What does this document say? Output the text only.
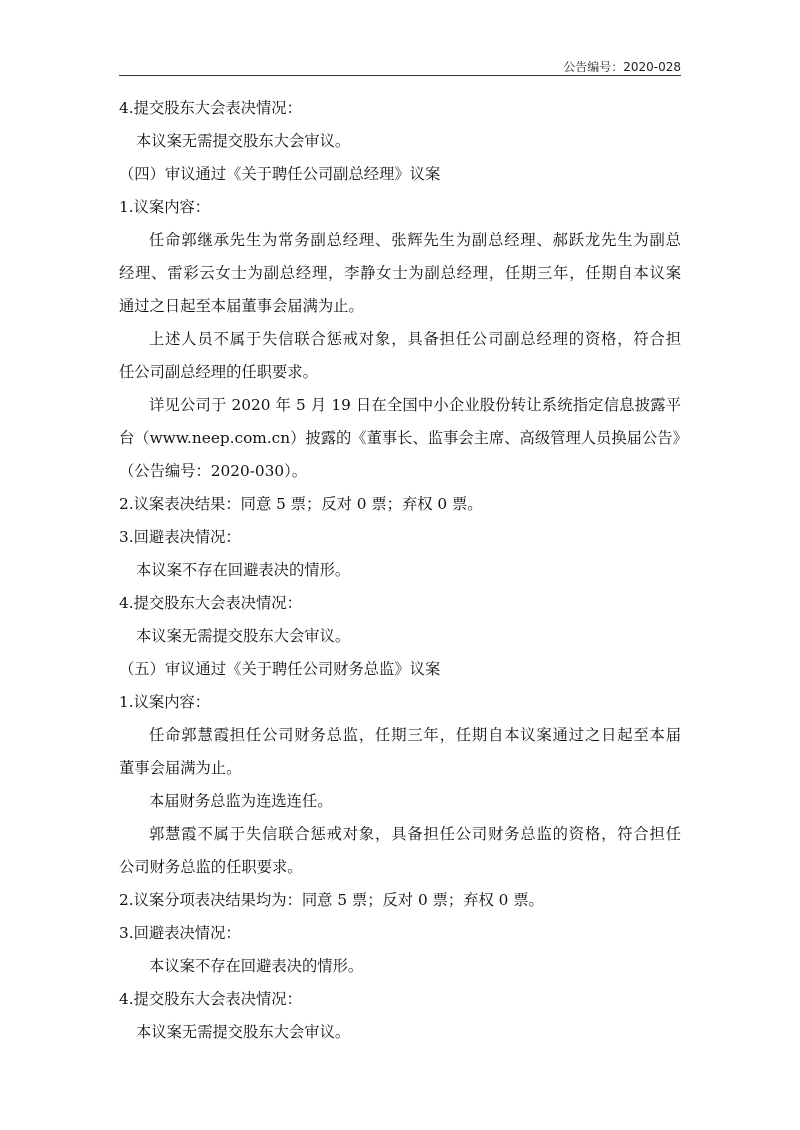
公告编号：2020-028
4.提交股东大会表决情况：
本议案无需提交股东大会审议。
（四）审议通过《关于聘任公司副总经理》议案
1.议案内容：
任命郭继承先生为常务副总经理、张辉先生为副总经理、郝跃龙先生为副总
经理、雷彩云女士为副总经理，李静女士为副总经理，任期三年，任期自本议案
通过之日起至本届董事会届满为止。
上述人员不属于失信联合惩戒对象，具备担任公司副总经理的资格，符合担
任公司副总经理的任职要求。
详见公司于 2020 年 5 月 19 日在全国中小企业股份转让系统指定信息披露平
台（www.neep.com.cn）披露的《董事长、监事会主席、高级管理人员换届公告》
（公告编号：2020-030）。
2.议案表决结果：同意 5 票；反对 0 票；弃权 0 票。
3.回避表决情况：
本议案不存在回避表决的情形。
4.提交股东大会表决情况：
本议案无需提交股东大会审议。
（五）审议通过《关于聘任公司财务总监》议案
1.议案内容：
任命郭慧霞担任公司财务总监，任期三年，任期自本议案通过之日起至本届
董事会届满为止。
本届财务总监为连选连任。
郭慧霞不属于失信联合惩戒对象，具备担任公司财务总监的资格，符合担任
公司财务总监的任职要求。
2.议案分项表决结果均为：同意 5 票；反对 0 票；弃权 0 票。
3.回避表决情况：
本议案不存在回避表决的情形。
4.提交股东大会表决情况：
本议案无需提交股东大会审议。
